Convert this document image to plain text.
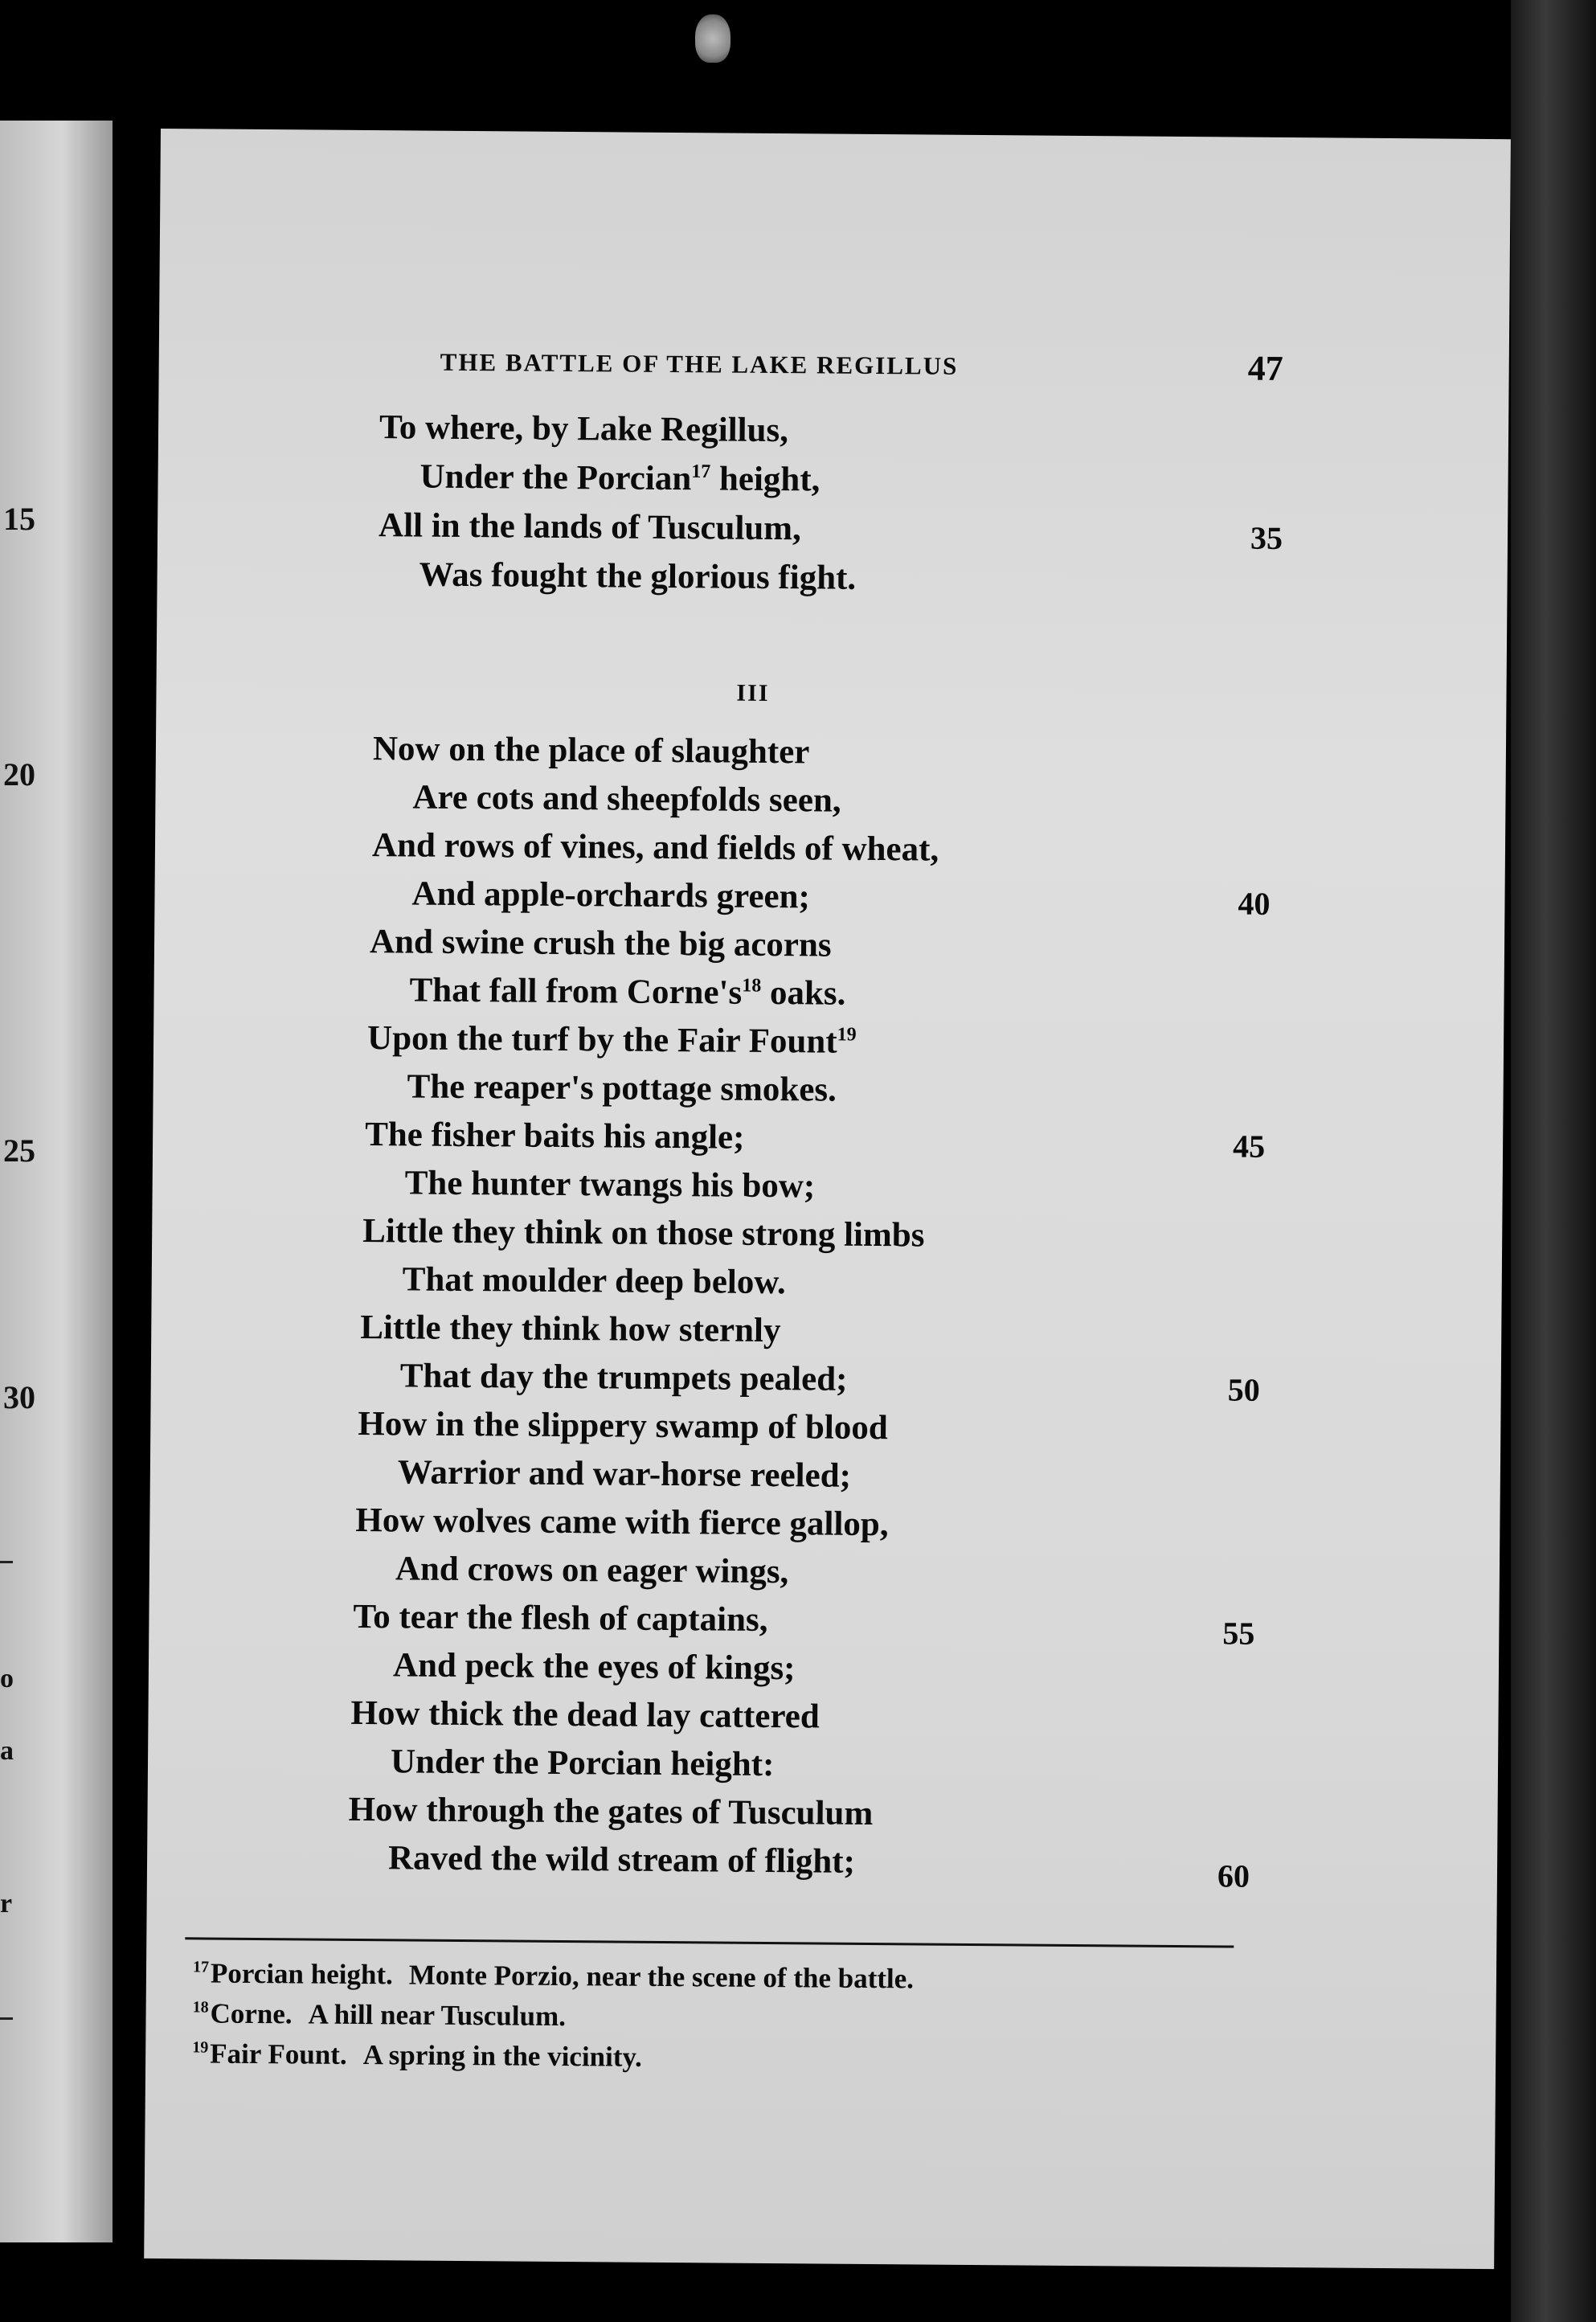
15
20
25
30
o
a
r
THE BATTLE OF THE LAKE REGILLUS	47
To where, by Lake Regillus,
Under the Porcian$^{17}$ height,
All in the lands of Tusculum,
Was fought the glorious fight.
III
Now on the place of slaughter
Are cots and sheepfolds seen,
And rows of vines, and fields of wheat,
And apple-orchards green;
And swine crush the big acorns
That fall from $Corne's^{18}$ oaks.
Upon the turf by the Fair Fount$^{19}$
The reaper's pottage smokes.
The fisher baits his angle;
The hunter twangs his bow;
Little they think on those strong limbs
That moulder deep below.
Little they think how sternly
That day the trumpets pealed;
How in the slippery swamp of blood
Warrior and war-horse reeled;
How wolves came with fierce gallop,
And crows on eager wings,
To tear the flesh of captains,
And peck the eyes of kings;
How thick the dead lay cattered
Under the Porcian height:
How through the gates of Tusculum
Raved the wild stream of flight;
35
40
45
50
55
60
$^{17}$Porcian height. Monte Porzio, near the scene of the battle.
$^{18}$Corne. A hill near Tusculum.
$^{19}$Fair Fount. A spring in the vicinity.
